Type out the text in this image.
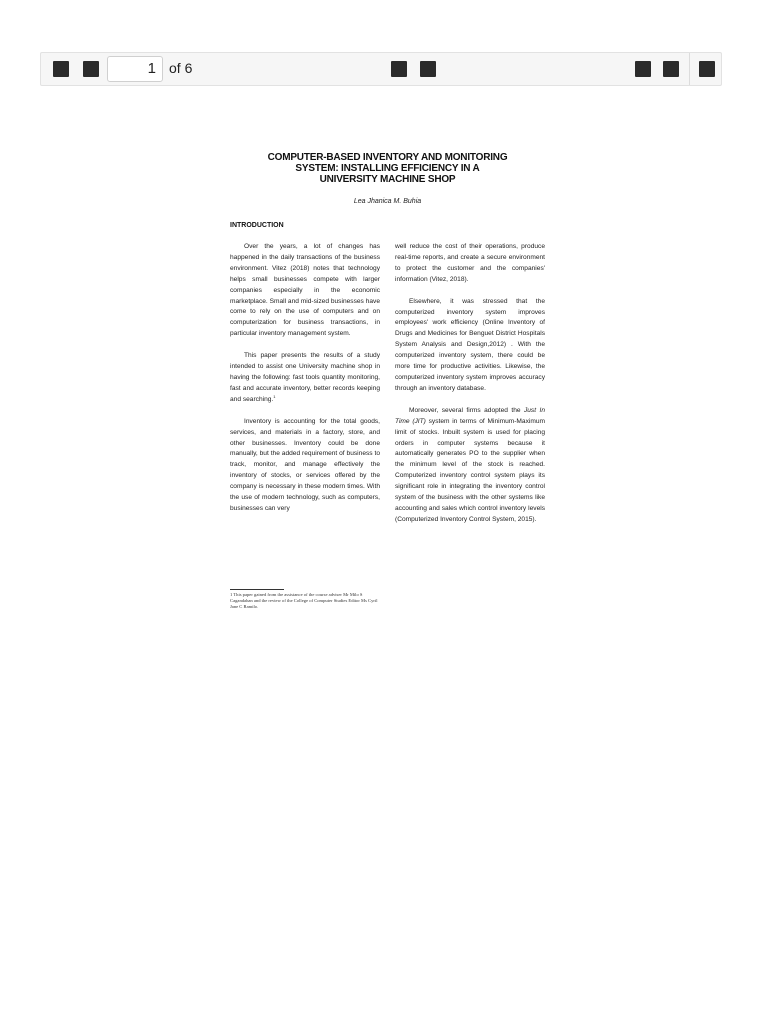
1 of 6
COMPUTER-BASED INVENTORY AND MONITORING
SYSTEM: INSTALLING EFFICIENCY IN A
UNIVERSITY MACHINE SHOP
Lea Jhanica M. Buhia
INTRODUCTION

Over the years, a lot of changes has happened in the daily transactions of the business environment. Vitez (2018) notes that technology helps small businesses compete with larger companies especially in the economic marketplace. Small and mid-sized businesses have come to rely on the use of computers and on computerization for business transactions, in particular inventory management system.

This paper presents the results of a study intended to assist one University machine shop in having the following: fast tools quantity monitoring, fast and accurate inventory, better records keeping and searching.$^1$

Inventory is accounting for the total goods, services, and materials in a factory, store, and other businesses. Inventory could be done manually, but the added requirement of business to track, monitor, and manage effectively the inventory of stocks, or services offered by the company is necessary in these modern times. With the use of modern technology, such as computers, businesses can very

well reduce the cost of their operations, produce real-time reports, and create a secure environment to protect the customer and the companies' information (Vitez, 2018).

Elsewhere, it was stressed that the computerized inventory system improves employees' work efficiency (Online Inventory of Drugs and Medicines for Benguet District Hospitals System Analysis and Design,2012) . With the computerized inventory system, there could be more time for productive activities. Likewise, the computerized inventory system improves accuracy through an inventory database.

Moreover, several firms adopted the Just In Time (JIT) system in terms of Minimum-Maximum limit of stocks. Inbuilt system is used for placing orders in computer systems because it automatically generates PO to the supplier when the minimum level of the stock is reached. Computerized inventory control system plays its significant role in integrating the inventory control system of the business with the other systems like accounting and sales which control inventory levels (Computerized Inventory Control System, 2015).

1 This paper gained from the assistance of the course adviser Mr Milo S Cagandahan and the review of the College of Computer Studies Editor Ms Cyril Jane C Ramilo.
